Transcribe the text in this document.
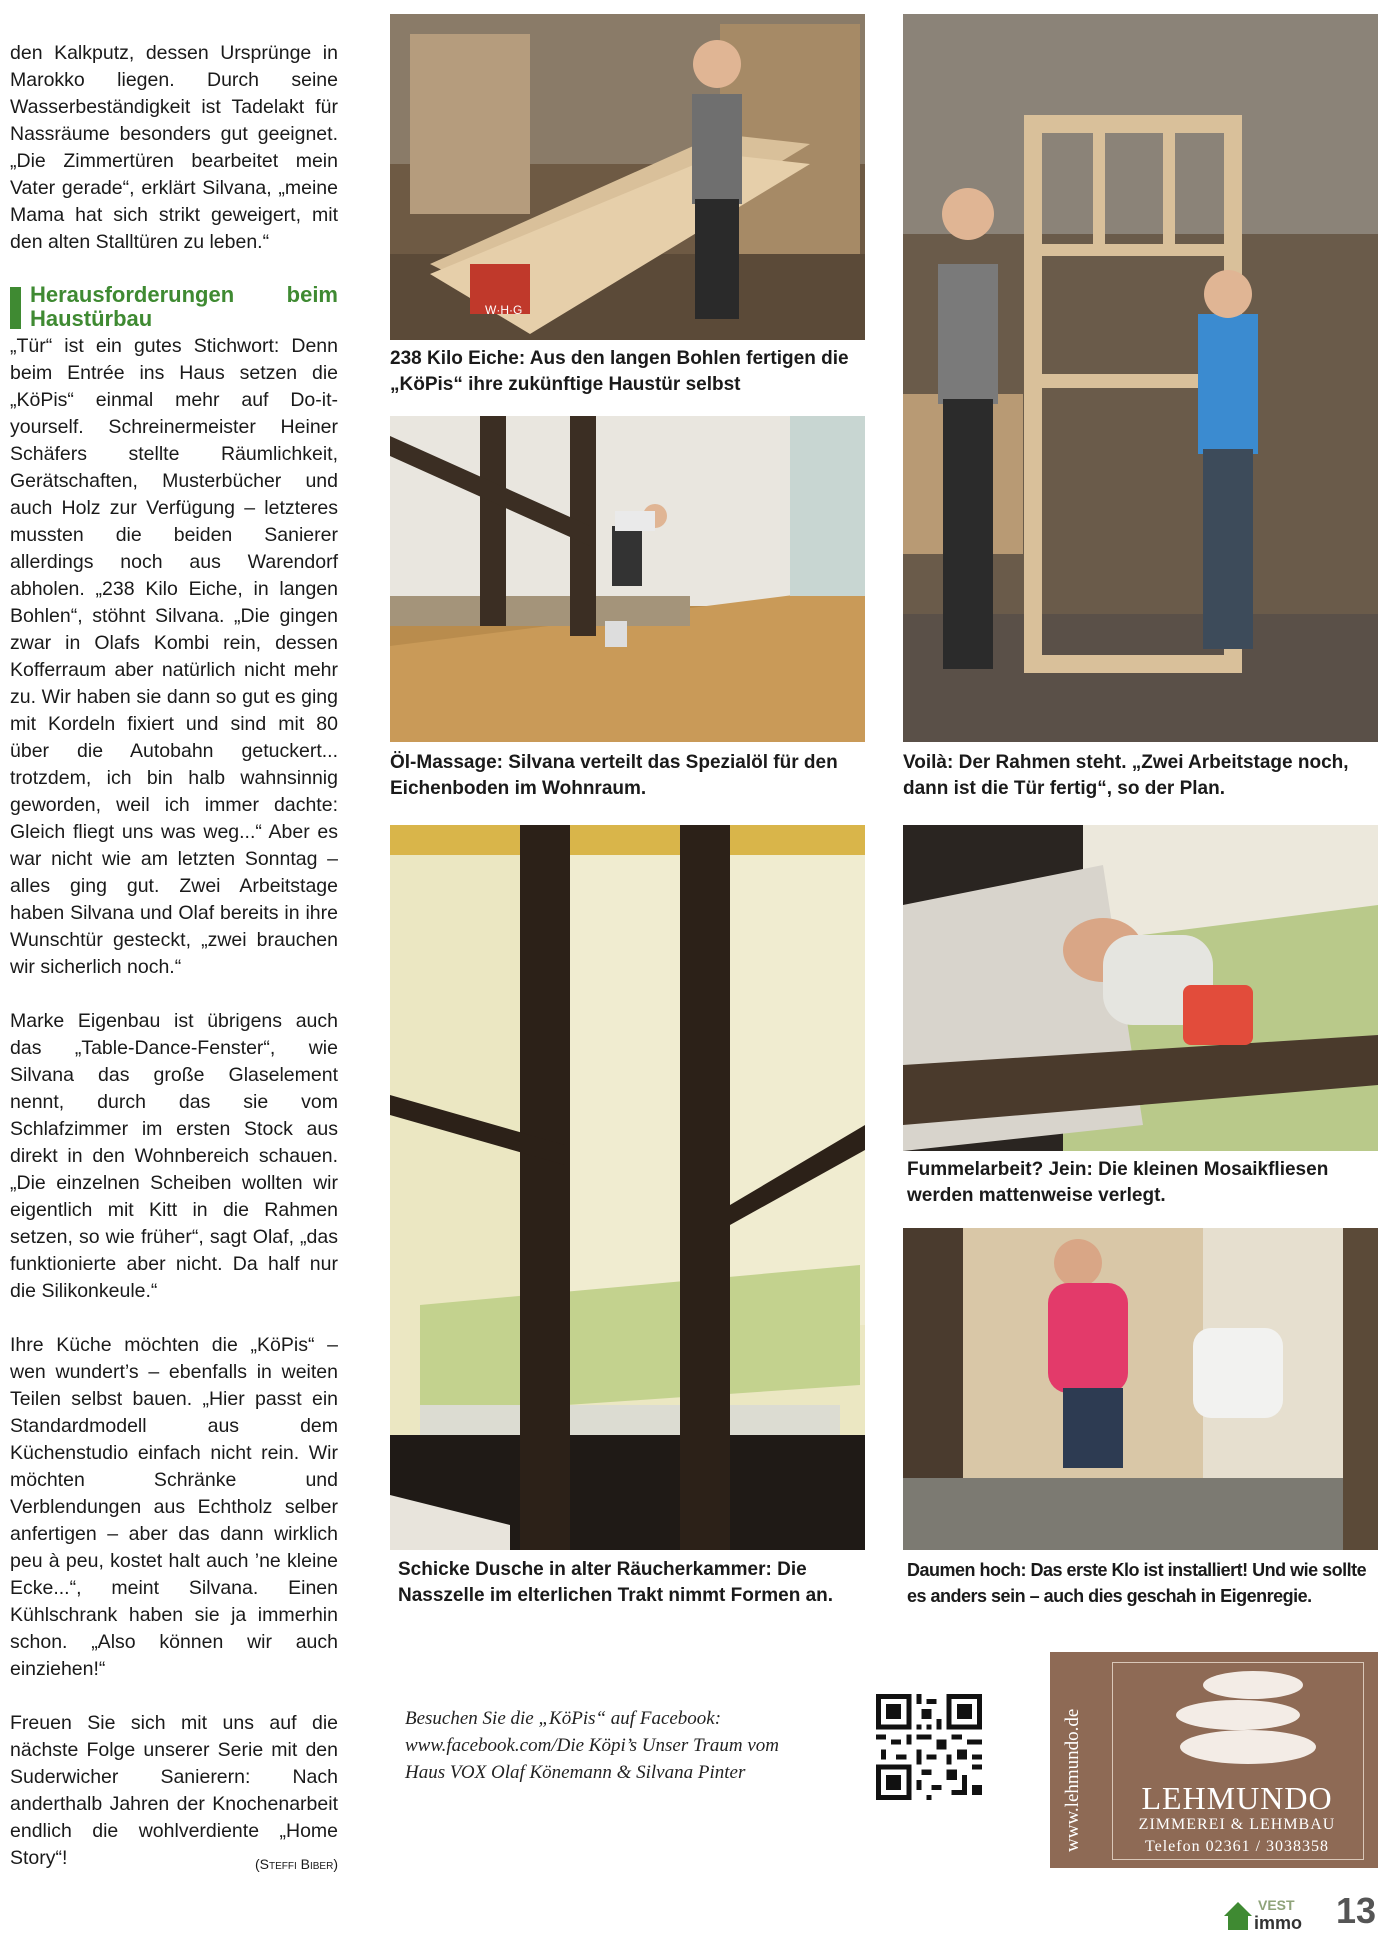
den Kalkputz, dessen Ursprünge in Marokko liegen. Durch seine Wasserbeständigkeit ist Tadelakt für Nassräume besonders gut geeignet. „Die Zimmertüren bearbeitet mein Vater gerade“, erklärt Silvana, „meine Mama hat sich strikt geweigert, mit den alten Stalltüren zu leben.“

Herausforderungen beim Haustürbau

„Tür“ ist ein gutes Stichwort: Denn beim Entrée ins Haus setzen die „KöPis“ einmal mehr auf Do-it-yourself. Schreinermeister Heiner Schäfers stellte Räumlichkeit, Gerätschaften, Musterbücher und auch Holz zur Verfügung – letzteres mussten die beiden Sanierer allerdings noch aus Warendorf abholen. „238 Kilo Eiche, in langen Bohlen“, stöhnt Silvana. „Die gingen zwar in Olafs Kombi rein, dessen Kofferraum aber natürlich nicht mehr zu. Wir haben sie dann so gut es ging mit Kordeln fixiert und sind mit 80 über die Autobahn getuckert... trotzdem, ich bin halb wahnsinnig geworden, weil ich immer dachte: Gleich fliegt uns was weg...“ Aber es war nicht wie am letzten Sonntag – alles ging gut. Zwei Arbeitstage haben Silvana und Olaf bereits in ihre Wunschtür gesteckt, „zwei brauchen wir sicherlich noch.“

Marke Eigenbau ist übrigens auch das „Table-Dance-Fenster“, wie Silvana das große Glaselement nennt, durch das sie vom Schlafzimmer im ersten Stock aus direkt in den Wohnbereich schauen. „Die einzelnen Scheiben wollten wir eigentlich mit Kitt in die Rahmen setzen, so wie früher“, sagt Olaf, „das funktionierte aber nicht. Da half nur die Silikonkeule.“

Ihre Küche möchten die „KöPis“ – wen wundert’s – ebenfalls in weiten Teilen selbst bauen. „Hier passt ein Standardmodell aus dem Küchenstudio einfach nicht rein. Wir möchten Schränke und Verblendungen aus Echtholz selber anfertigen – aber das dann wirklich peu à peu, kostet halt auch ’ne kleine Ecke...“, meint Silvana. Einen Kühlschrank haben sie ja immerhin schon. „Also können wir auch einziehen!“

Freuen Sie sich mit uns auf die nächste Folge unserer Serie mit den Suderwicher Sanierern: Nach anderthalb Jahren der Knochenarbeit endlich die wohlverdiente „Home Story“!	(Steffi Biber)

W·H·G
238 Kilo Eiche: Aus den langen Bohlen fertigen die „KöPis“ ihre zukünftige Haustür selbst
Öl-Massage: Silvana verteilt das Spezialöl für den Eichenboden im Wohnraum.
Voilà: Der Rahmen steht. „Zwei Arbeitstage noch, dann ist die Tür fertig“, so der Plan.
Schicke Dusche in alter Räucherkammer: Die Nasszelle im elterlichen Trakt nimmt Formen an.
Fummelarbeit? Jein: Die kleinen Mosaikfliesen werden mattenweise verlegt.
Daumen hoch: Das erste Klo ist installiert! Und wie sollte es anders sein – auch dies geschah in Eigenregie.
Besuchen Sie die „KöPis“ auf Facebook:
www.facebook.com/Die Köpi’s Unser Traum vom
Haus VOX Olaf Könemann & Silvana Pinter	www.lehmundo.de	LEHMUNDO
ZIMMEREI & LEHMBAU
Telefon 02361 / 3038358
VEST
immo 13
